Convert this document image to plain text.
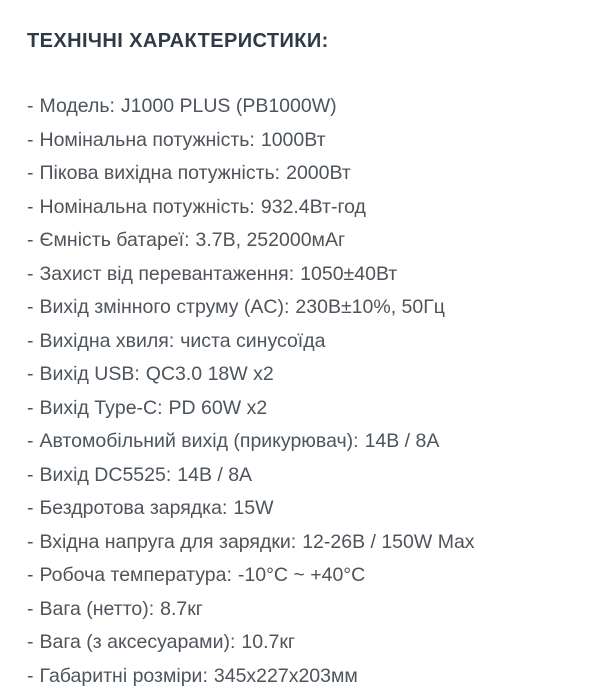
ТЕХНІЧНІ ХАРАКТЕРИСТИКИ:
- Модель: J1000 PLUS (PB1000W)
- Номінальна потужність: 1000Вт
- Пікова вихідна потужність: 2000Вт
- Номінальна потужність: 932.4Вт-год
- Ємність батареї: 3.7В, 252000мАг
- Захист від перевантаження: 1050±40Вт
- Вихід змінного струму (AC): 230В±10%, 50Гц
- Вихідна хвиля: чиста синусоїда
- Вихід USB: QC3.0 18W x2
- Вихід Type-C: PD 60W x2
- Автомобільний вихід (прикурювач): 14В / 8А
- Вихід DC5525: 14В / 8А
- Бездротова зарядка: 15W
- Вхідна напруга для зарядки: 12-26В / 150W Max
- Робоча температура: -10°C ~ +40°C
- Вага (нетто): 8.7кг
- Вага (з аксесуарами): 10.7кг
- Габаритні розміри: 345х227х203мм
